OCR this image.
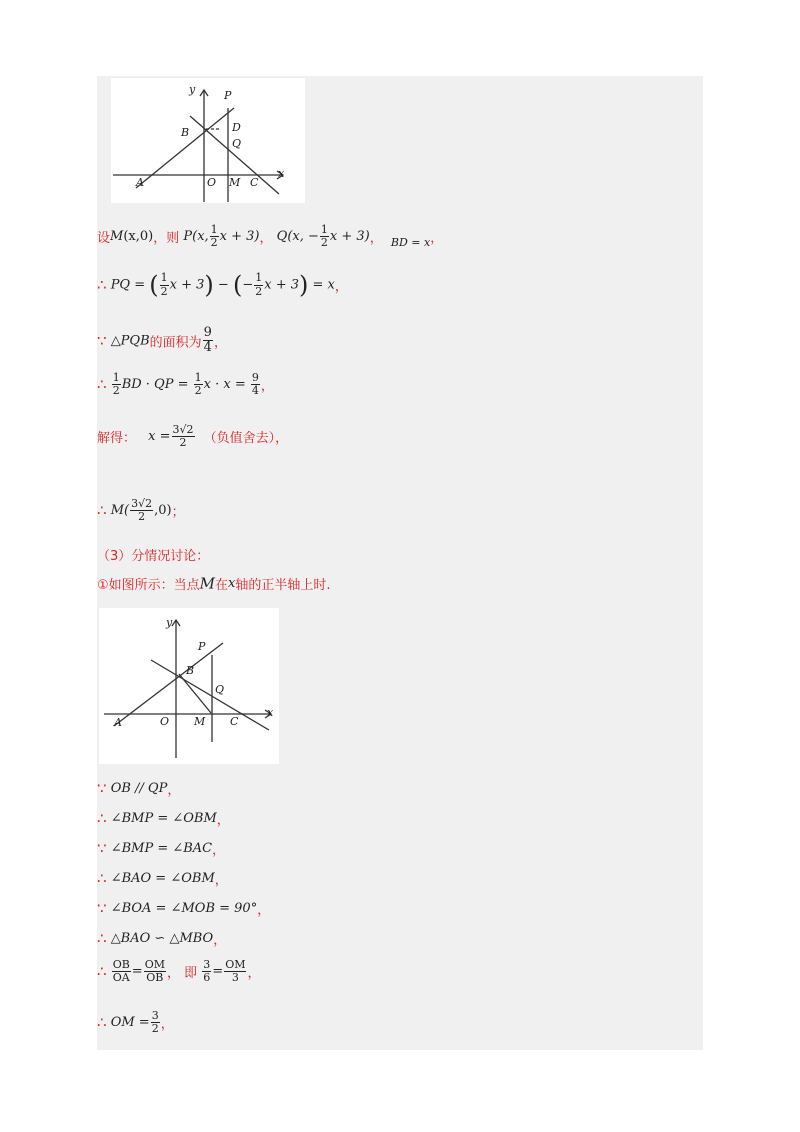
y	P
B	D
Q
A	O M C
x
设M(x,0)，则 P(x, $\frac{1}{2}$ x + 3)， Q(x, − $\frac{1}{2}$ x + 3)， $_{BD = x}$，
∴ PQ = ( $\frac{1}{2}$ x + 3) − (− $\frac{1}{2}$ x + 3) = x，
∵ △PQB的面积为 $\frac{9}{4}$ ，
∴ $\frac{1}{2}$ BD · QP = $\frac{1}{2}$ $x \cdot x = \frac{9}{4}$ ，
解得： $x = \frac{3√2}{2}$ （负值舍去），
∴ $M( \frac{3√2}{2} ,0)$；
（3）分情况讨论：
①如图所示：当点M在x轴的正半轴上时.
y
P
B
Q
A	O M C
x
∵ OB // QP，
∴ ∠BMP = ∠OBM，
∵ ∠BMP = ∠BAC，
∴ ∠BAO = ∠OBM，
∵ ∠BOA = ∠MOB = 90°，
∴ △BAO ∽ △MBO，
∴ $\frac{OB}{OA} = \frac{OM}{OB}$ ， 即 $\frac{3}{6} = \frac{OM}{3}$ ，
∴ OM = $\frac{3}{2}$ ，
